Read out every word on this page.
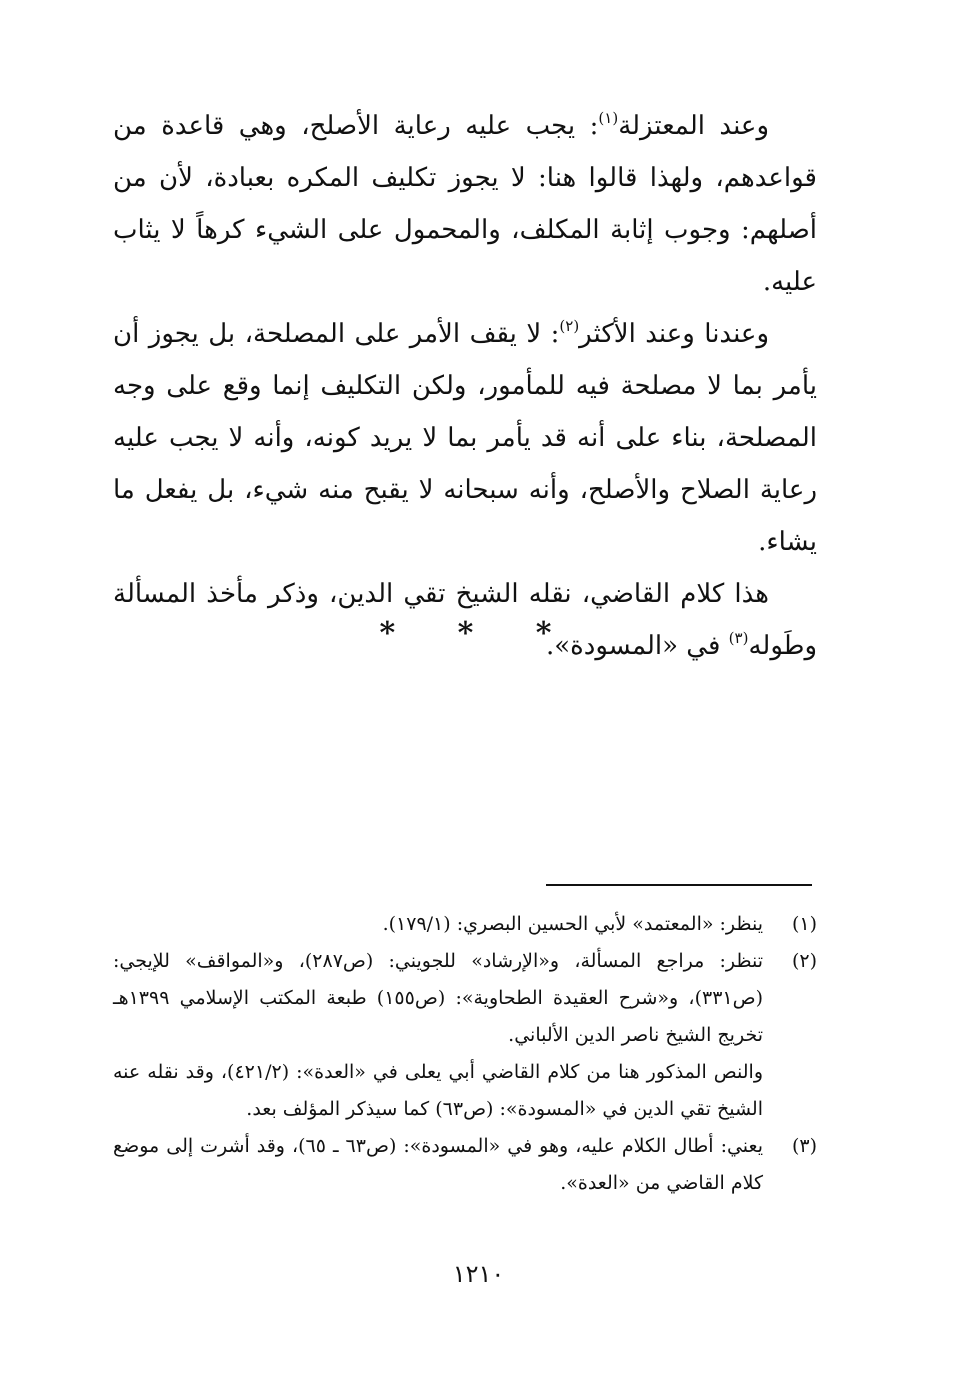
وعند المعتزلة$^{(١)}$: يجب عليه رعاية الأصلح، وهي قاعدة من قواعدهم، ولهذا قالوا هنا: لا يجوز تكليف المكره بعبادة، لأن من أصلهم: وجوب إثابة المكلف، والمحمول على الشيء كرهاً لا يثاب عليه.

وعندنا وعند الأكثر$^{(٢)}$: لا يقف الأمر على المصلحة، بل يجوز أن يأمر بما لا مصلحة فيه للمأمور، ولكن التكليف إنما وقع على وجه المصلحة، بناء على أنه قد يأمر بما لا يريد كونه، وأنه لا يجب عليه رعاية الصلاح والأصلح، وأنه سبحانه لا يقبح منه شيء، بل يفعل ما يشاء.

هذا كلام القاضي، نقله الشيخ تقي الدين، وذكر مأخذ المسألة وطَوله$^{(٣)}$ في «المسودة».

* * *
(١)

ينظر: «المعتمد» لأبي الحسين البصري: (١٧٩/١).

(٢)

تنظر: مراجع المسألة، و«الإرشاد» للجويني: (ص٢٨٧)، و«المواقف» للإيجي: (ص٣٣١)، و«شرح العقيدة الطحاوية»: (ص١٥٥) طبعة المكتب الإسلامي ١٣٩٩هـ تخريج الشيخ ناصر الدين الألباني.

والنص المذكور هنا من كلام القاضي أبي يعلى في «العدة»: (٤٢١/٢)، وقد نقله عنه الشيخ تقي الدين في «المسودة»: (ص٦٣) كما سيذكر المؤلف بعد.

(٣)

يعني: أطال الكلام عليه، وهو في «المسودة»: (ص٦٣ ـ ٦٥)، وقد أشرت إلى موضع كلام القاضي من «العدة».

١٢١٠
